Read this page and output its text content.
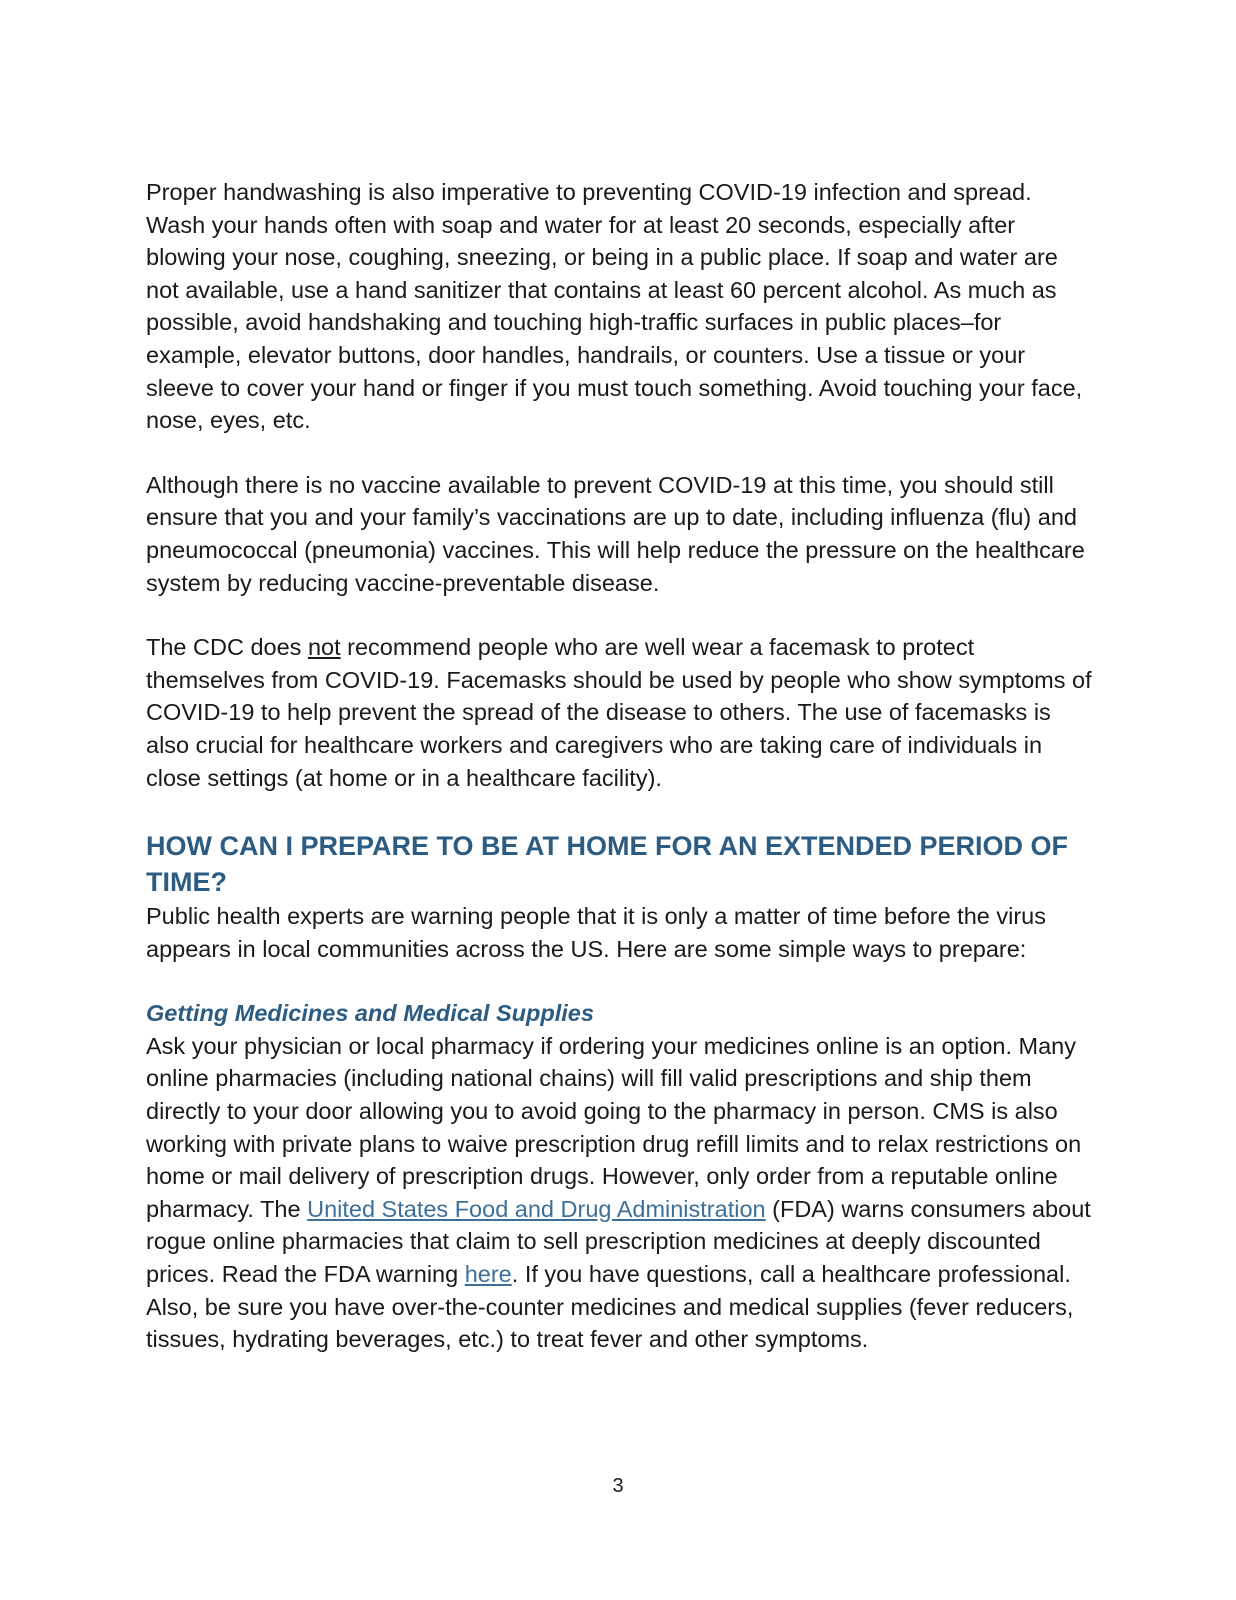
Proper handwashing is also imperative to preventing COVID-19 infection and spread. Wash your hands often with soap and water for at least 20 seconds, especially after blowing your nose, coughing, sneezing, or being in a public place. If soap and water are not available, use a hand sanitizer that contains at least 60 percent alcohol. As much as possible, avoid handshaking and touching high-traffic surfaces in public places–for example, elevator buttons, door handles, handrails, or counters. Use a tissue or your sleeve to cover your hand or finger if you must touch something. Avoid touching your face, nose, eyes, etc.

Although there is no vaccine available to prevent COVID-19 at this time, you should still ensure that you and your family’s vaccinations are up to date, including influenza (flu) and pneumococcal (pneumonia) vaccines. This will help reduce the pressure on the healthcare system by reducing vaccine-preventable disease.

The CDC does not recommend people who are well wear a facemask to protect themselves from COVID-19. Facemasks should be used by people who show symptoms of COVID-19 to help prevent the spread of the disease to others. The use of facemasks is also crucial for healthcare workers and caregivers who are taking care of individuals in close settings (at home or in a healthcare facility).

HOW CAN I PREPARE TO BE AT HOME FOR AN EXTENDED PERIOD OF TIME?

Public health experts are warning people that it is only a matter of time before the virus appears in local communities across the US. Here are some simple ways to prepare:

Getting Medicines and Medical Supplies

Ask your physician or local pharmacy if ordering your medicines online is an option. Many online pharmacies (including national chains) will fill valid prescriptions and ship them directly to your door allowing you to avoid going to the pharmacy in person. CMS is also working with private plans to waive prescription drug refill limits and to relax restrictions on home or mail delivery of prescription drugs. However, only order from a reputable online pharmacy. The United States Food and Drug Administration (FDA) warns consumers about rogue online pharmacies that claim to sell prescription medicines at deeply discounted prices. Read the FDA warning here. If you have questions, call a healthcare professional. Also, be sure you have over-the-counter medicines and medical supplies (fever reducers, tissues, hydrating beverages, etc.) to treat fever and other symptoms.

3
